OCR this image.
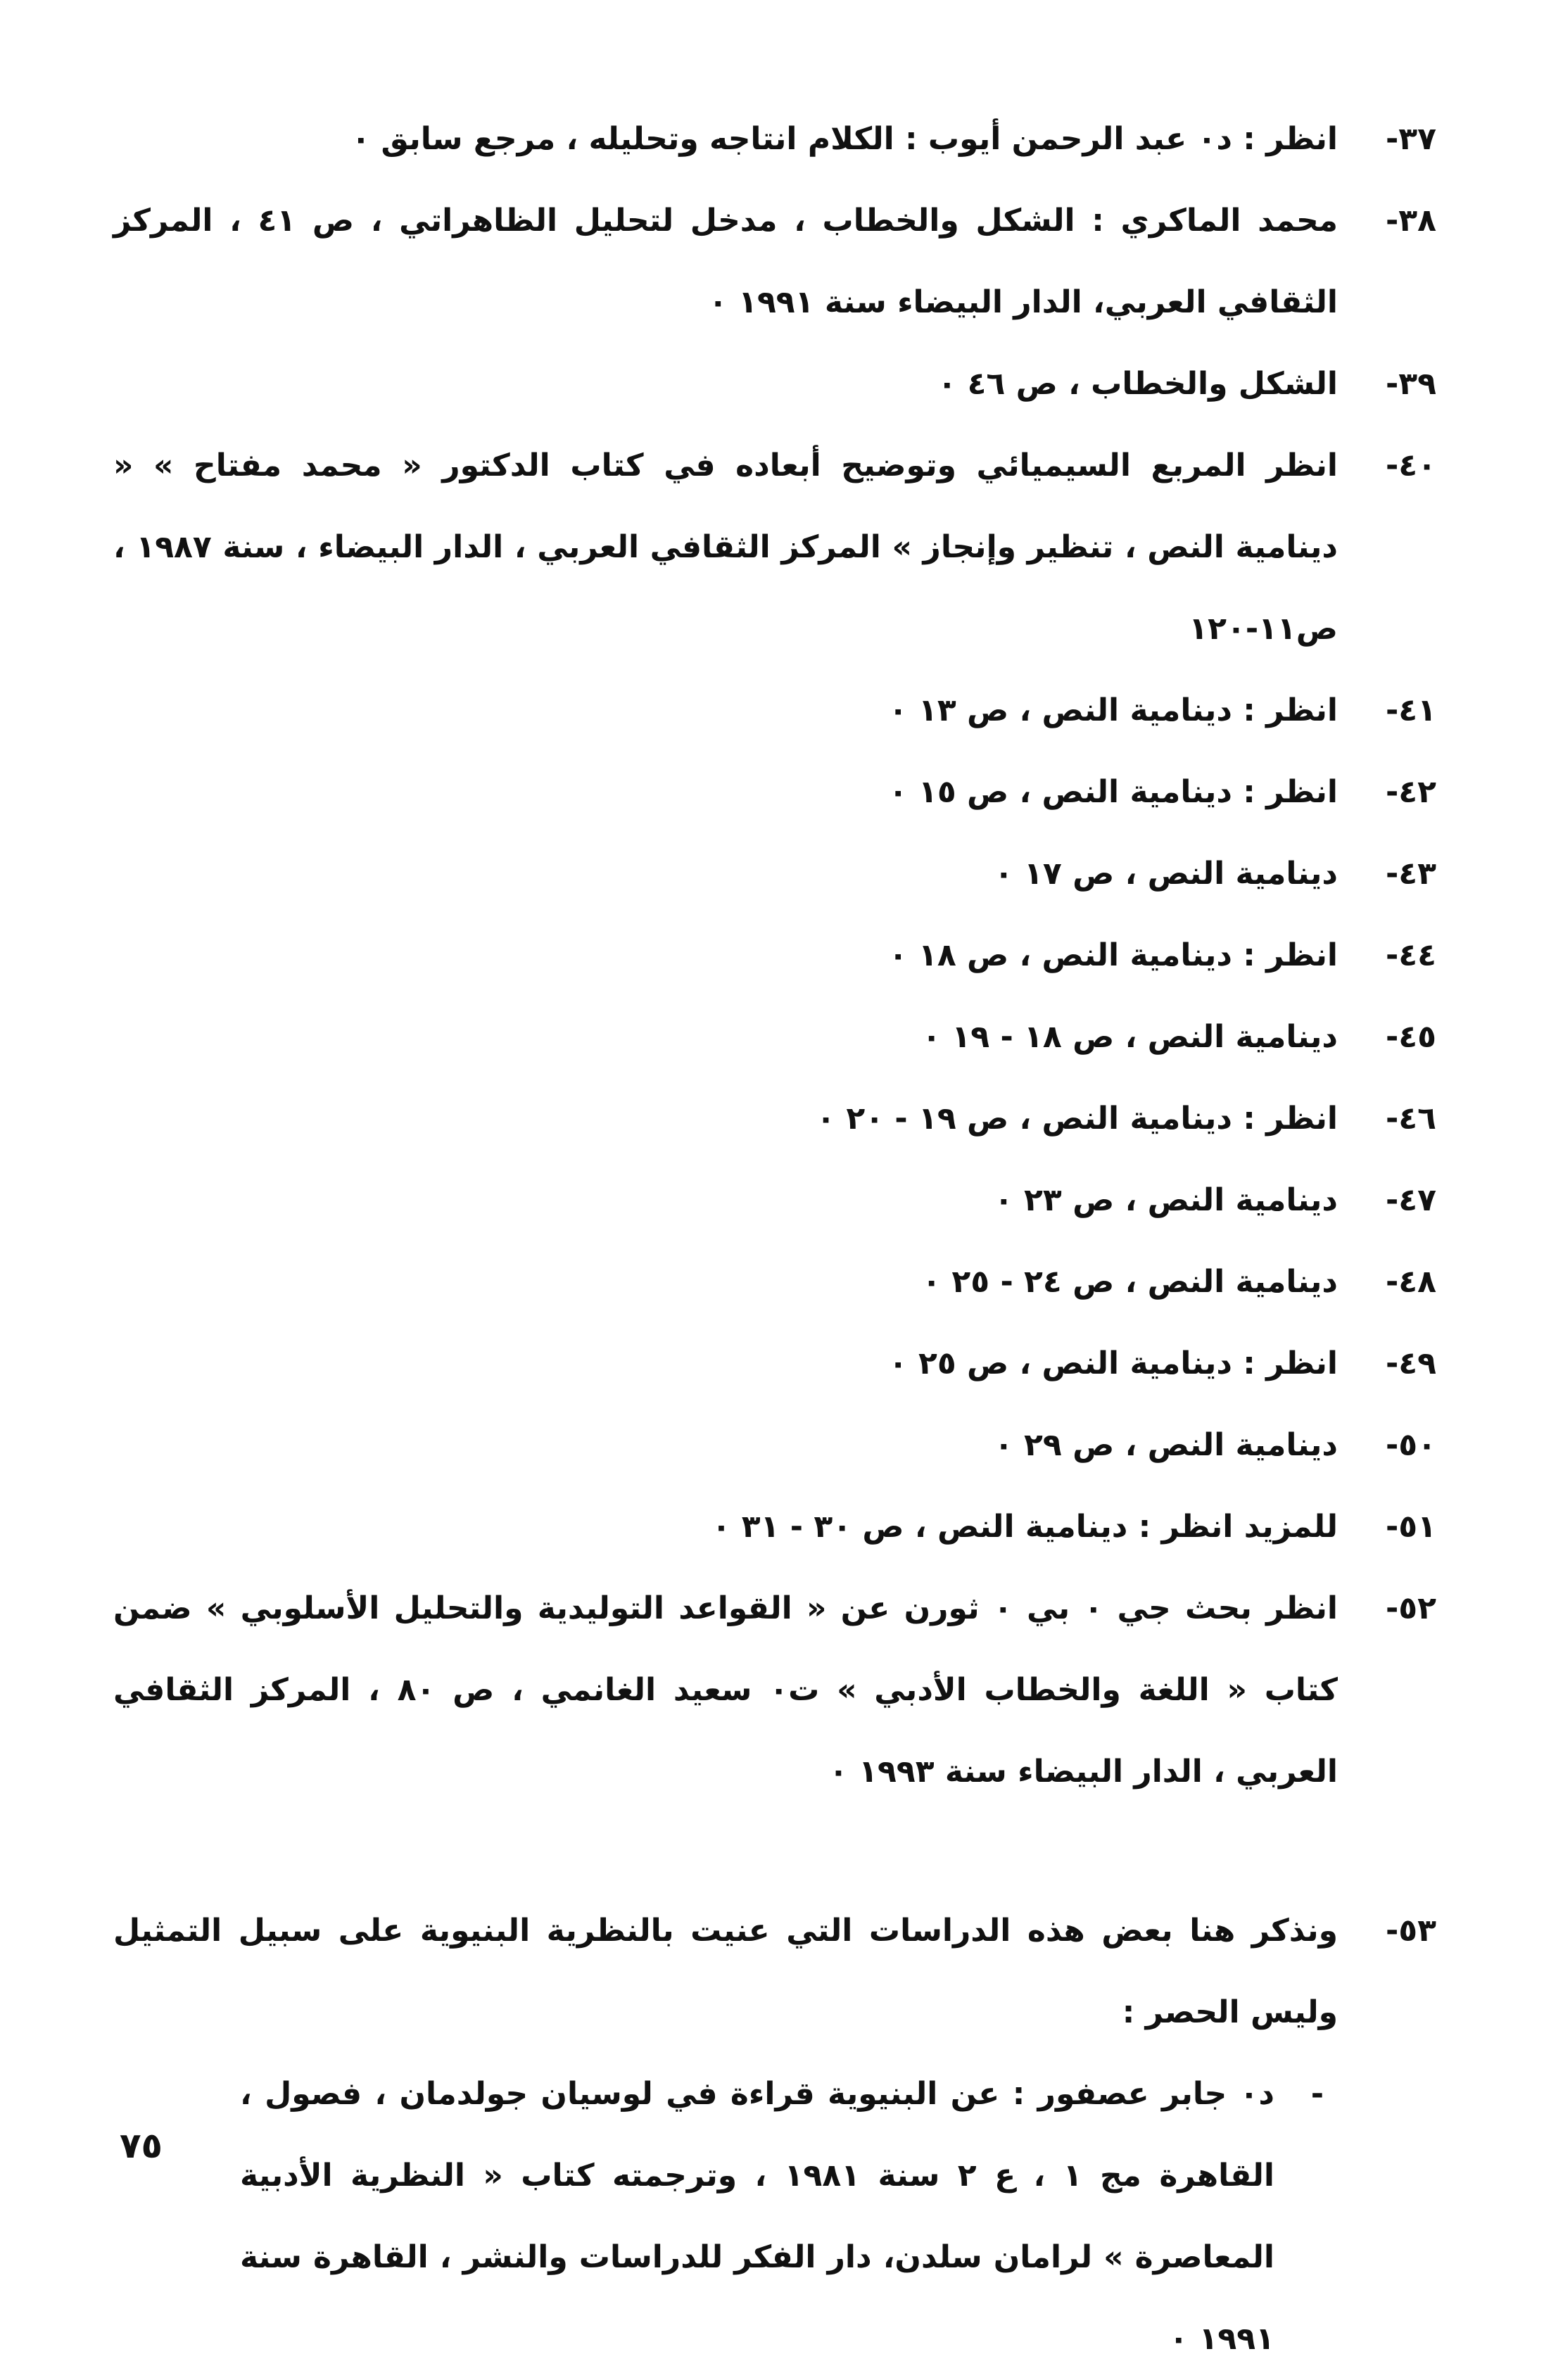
٣٧-
انظر : د٠ عبد الرحمن أيوب : الكلام انتاجه وتحليله ، مرجع سابق ٠
٣٨-
محمد الماكري : الشكل والخطاب ، مدخل لتحليل الظاهراتي ، ص ٤١ ، المركز الثقافي العربي، الدار البيضاء سنة ١٩٩١ ٠
٣٩-
الشكل والخطاب ، ص ٤٦ ٠
٤٠-
انظر المربع السيميائي وتوضيح أبعاده في كتاب الدكتور « محمد مفتاح » « دينامية النص ، تنظير وإنجاز » المركز الثقافي العربي ، الدار البيضاء ، سنة ١٩٨٧ ، ص١١-١٢٠
٤١-
انظر : دينامية النص ، ص ١٣ ٠
٤٢-
انظر : دينامية النص ، ص ١٥ ٠
٤٣-
دينامية النص ، ص ١٧ ٠
٤٤-
انظر : دينامية النص ، ص ١٨ ٠
٤٥-
دينامية النص ، ص ١٨ - ١٩ ٠
٤٦-
انظر : دينامية النص ، ص ١٩ - ٢٠ ٠
٤٧-
دينامية النص ، ص ٢٣ ٠
٤٨-
دينامية النص ، ص ٢٤ - ٢٥ ٠
٤٩-
انظر : دينامية النص ، ص ٢٥ ٠
٥٠-
دينامية النص ، ص ٢٩ ٠
٥١-
للمزيد انظر : دينامية النص ، ص ٣٠ - ٣١ ٠
٥٢-
انظر بحث جي ٠ بي ٠ ثورن عن « القواعد التوليدية والتحليل الأسلوبي » ضمن كتاب « اللغة والخطاب الأدبي » ت٠ سعيد الغانمي ، ص ٨٠ ، المركز الثقافي العربي ، الدار البيضاء سنة ١٩٩٣ ٠
٥٣-
ونذكر هنا بعض هذه الدراسات التي عنيت بالنظرية البنيوية على سبيل التمثيل وليس الحصر :
-
د٠ جابر عصفور : عن البنيوية قراءة في لوسيان جولدمان ، فصول ، القاهرة مج ١ ، ع ٢ سنة ١٩٨١ ، وترجمته كتاب « النظرية الأدبية المعاصرة » لرامان سلدن، دار الفكر للدراسات والنشر ، القاهرة سنة ١٩٩١ ٠
٧٥
